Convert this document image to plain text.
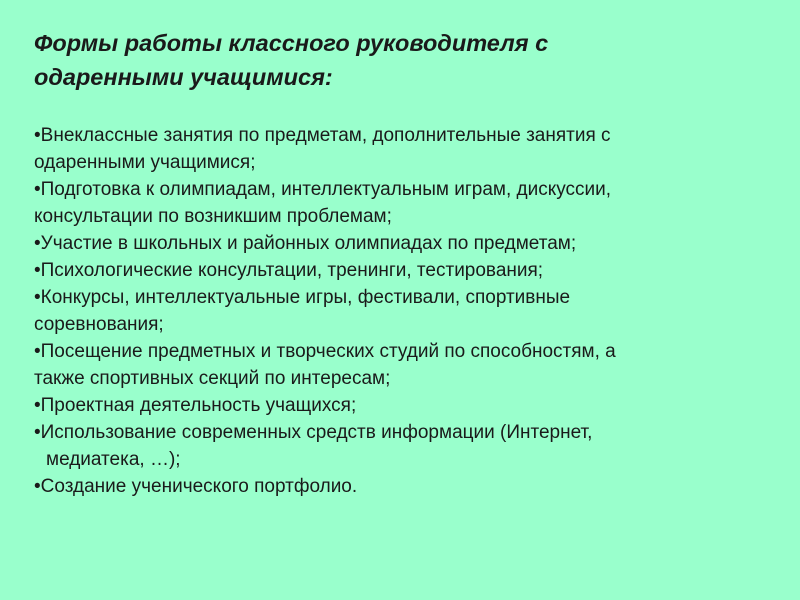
Формы работы классного руководителя с
одаренными учащимися:
•Внеклассные занятия по предметам, дополнительные занятия с
одаренными учащимися;
•Подготовка к олимпиадам, интеллектуальным играм, дискуссии,
консультации по возникшим проблемам;
•Участие в школьных и районных олимпиадах по предметам;
•Психологические консультации, тренинги, тестирования;
•Конкурсы, интеллектуальные игры, фестивали, спортивные
соревнования;
•Посещение предметных и творческих студий по способностям, а
также спортивных секций по интересам;
•Проектная деятельность учащихся;
•Использование современных средств информации (Интернет,
медиатека, …);
•Создание ученического портфолио.
